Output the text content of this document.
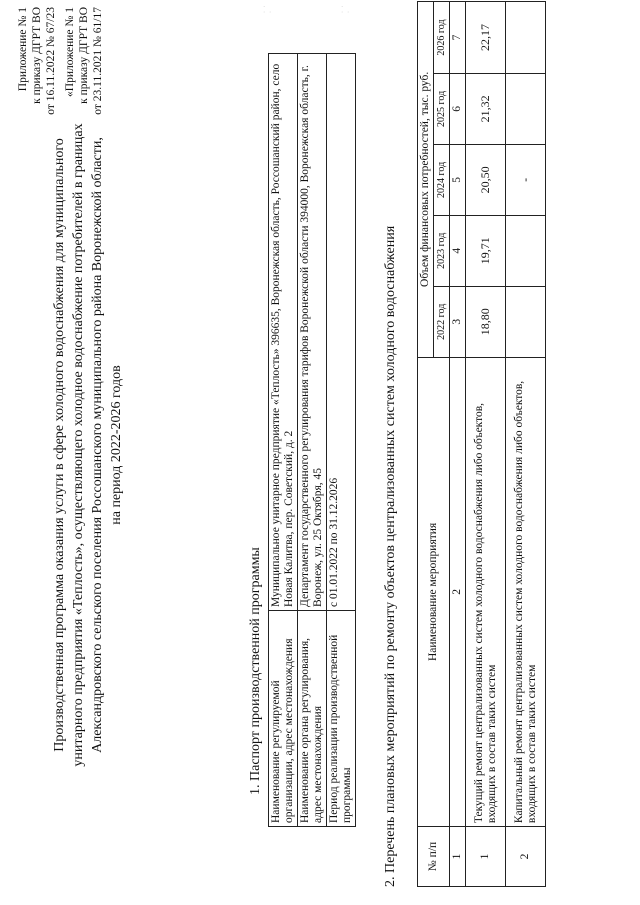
· · ·	· · ·
Приложение № 1 к приказу ДГРТ ВО от 16.11.2022 № 67/23 «Приложение № 1 к приказу ДГРТ ВО от 23.11.2021 № 61/17
Производственная программа оказания услуги в сфере холодного водоснабжения для муниципального унитарного предприятия «Теплость», осуществляющего холодное водоснабжение потребителей в границах Александровского сельского поселения Россошанского муниципального района Воронежской области, на период 2022-2026 годов
1. Паспорт производственной программы Наименование регулируемой организации, адрес местонахождения	Муниципальное унитарное предприятие «Теплость» 396635, Воронежская область, Россошанский район, село Новая Калитва, пер. Советский, д. 2
Наименование органа регулирования, адрес местонахождения	Департамент государственного регулирования тарифов Воронежской области 394000, Воронежская область, г. Воронеж, ул. 25 Октября, 45
Период реализации производственной программы	с 01.01.2022 по 31.12.2026	2. Перечень плановых мероприятий по ремонту объектов централизованных систем холодного водоснабжения	№ п/п	Наименование мероприятия	Объем финансовых потребностей, тыс. руб.				
		2022 год	2023 год	2024 год	2025 год	2026 год
1	2	3	4	5	6	7
1	Текущий ремонт централизованных систем холодного водоснабжения либо объектов, входящих в состав таких систем	18,80	19,71	20,50	21,32	22,17
2	Капитальный ремонт централизованных систем холодного водоснабжения либо объектов, входящих в состав таких систем			-		
